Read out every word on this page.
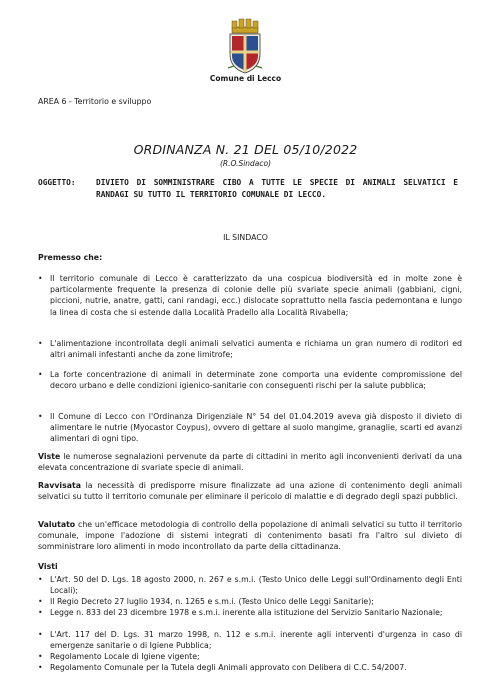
Comune di Lecco
AREA 6 - Territorio e sviluppo
ORDINANZA N. 21 DEL 05/10/2022
(R.O.Sindaco)
OGGETTO:	DIVIETO DI SOMMINISTRARE CIBO A TUTTE LE SPECIE DI ANIMALI SELVATICI E RANDAGI SU TUTTO IL TERRITORIO COMUNALE DI LECCO.
IL SINDACO
Premesso che:
• Il territorio comunale di Lecco è caratterizzato da una cospicua biodiversità ed in molte zone è particolarmente frequente la presenza di colonie delle più svariate specie animali (gabbiani, cigni, piccioni, nutrie, anatre, gatti, cani randagi, ecc.) dislocate soprattutto nella fascia pedemontana e lungo la linea di costa che si estende dalla Località Pradello alla Località Rivabella;
• L'alimentazione incontrollata degli animali selvatici aumenta e richiama un gran numero di roditori ed altri animali infestanti anche da zone limitrofe;
• La forte concentrazione di animali in determinate zone comporta una evidente compromissione del decoro urbano e delle condizioni igienico-sanitarie con conseguenti rischi per la salute pubblica;
• Il Comune di Lecco con l'Ordinanza Dirigenziale N° 54 del 01.04.2019 aveva già disposto il divieto di alimentare le nutrie (Myocastor Coypus), ovvero di gettare al suolo mangime, granaglie, scarti ed avanzi alimentari di ogni tipo.
Viste le numerose segnalazioni pervenute da parte di cittadini in merito agli inconvenienti derivati da una elevata concentrazione di svariate specie di animali.
Ravvisata la necessità di predisporre misure finalizzate ad una azione di contenimento degli animali selvatici su tutto il territorio comunale per eliminare il pericolo di malattie e di degrado degli spazi pubblici.
Valutato che un'efficace metodologia di controllo della popolazione di animali selvatici su tutto il territorio comunale, impone l'adozione di sistemi integrati di contenimento basati fra l'altro sul divieto di somministrare loro alimenti in modo incontrollato da parte della cittadinanza.
Visti
• L'Art. 50 del D. Lgs. 18 agosto 2000, n. 267 e s.m.i. (Testo Unico delle Leggi sull'Ordinamento degli Enti Locali);
• Il Regio Decreto 27 luglio 1934, n. 1265 e s.m.i. (Testo Unico delle Leggi Sanitarie);
• Legge n. 833 del 23 dicembre 1978 e s.m.i. inerente alla istituzione del Servizio Sanitario Nazionale;
• L'Art. 117 del D. Lgs. 31 marzo 1998, n. 112 e s.m.i. inerente agli interventi d'urgenza in caso di emergenze sanitarie o di Igiene Pubblica;
• Regolamento Locale di Igiene vigente;
• Regolamento Comunale per la Tutela degli Animali approvato con Delibera di C.C. 54/2007.
